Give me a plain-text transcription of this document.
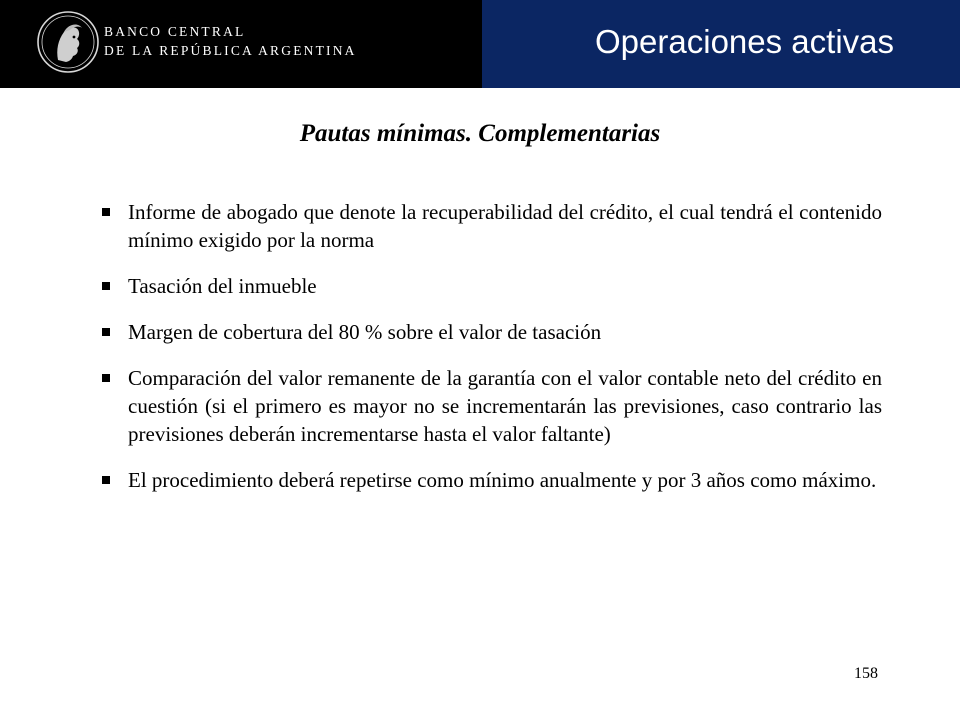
BANCO CENTRAL
DE LA REPÚBLICA ARGENTINA	Operaciones activas
Pautas mínimas. Complementarias
Informe de abogado que denote la recuperabilidad del crédito, el cual tendrá el contenido mínimo exigido por la norma
Tasación del inmueble
Margen de cobertura del 80 % sobre el valor de tasación
Comparación del valor remanente de la garantía con el valor contable neto del crédito en cuestión (si el primero es mayor no se incrementarán las previsiones, caso contrario las previsiones deberán incrementarse hasta el valor faltante)
El procedimiento deberá repetirse como mínimo anualmente y por 3 años como máximo.
158
